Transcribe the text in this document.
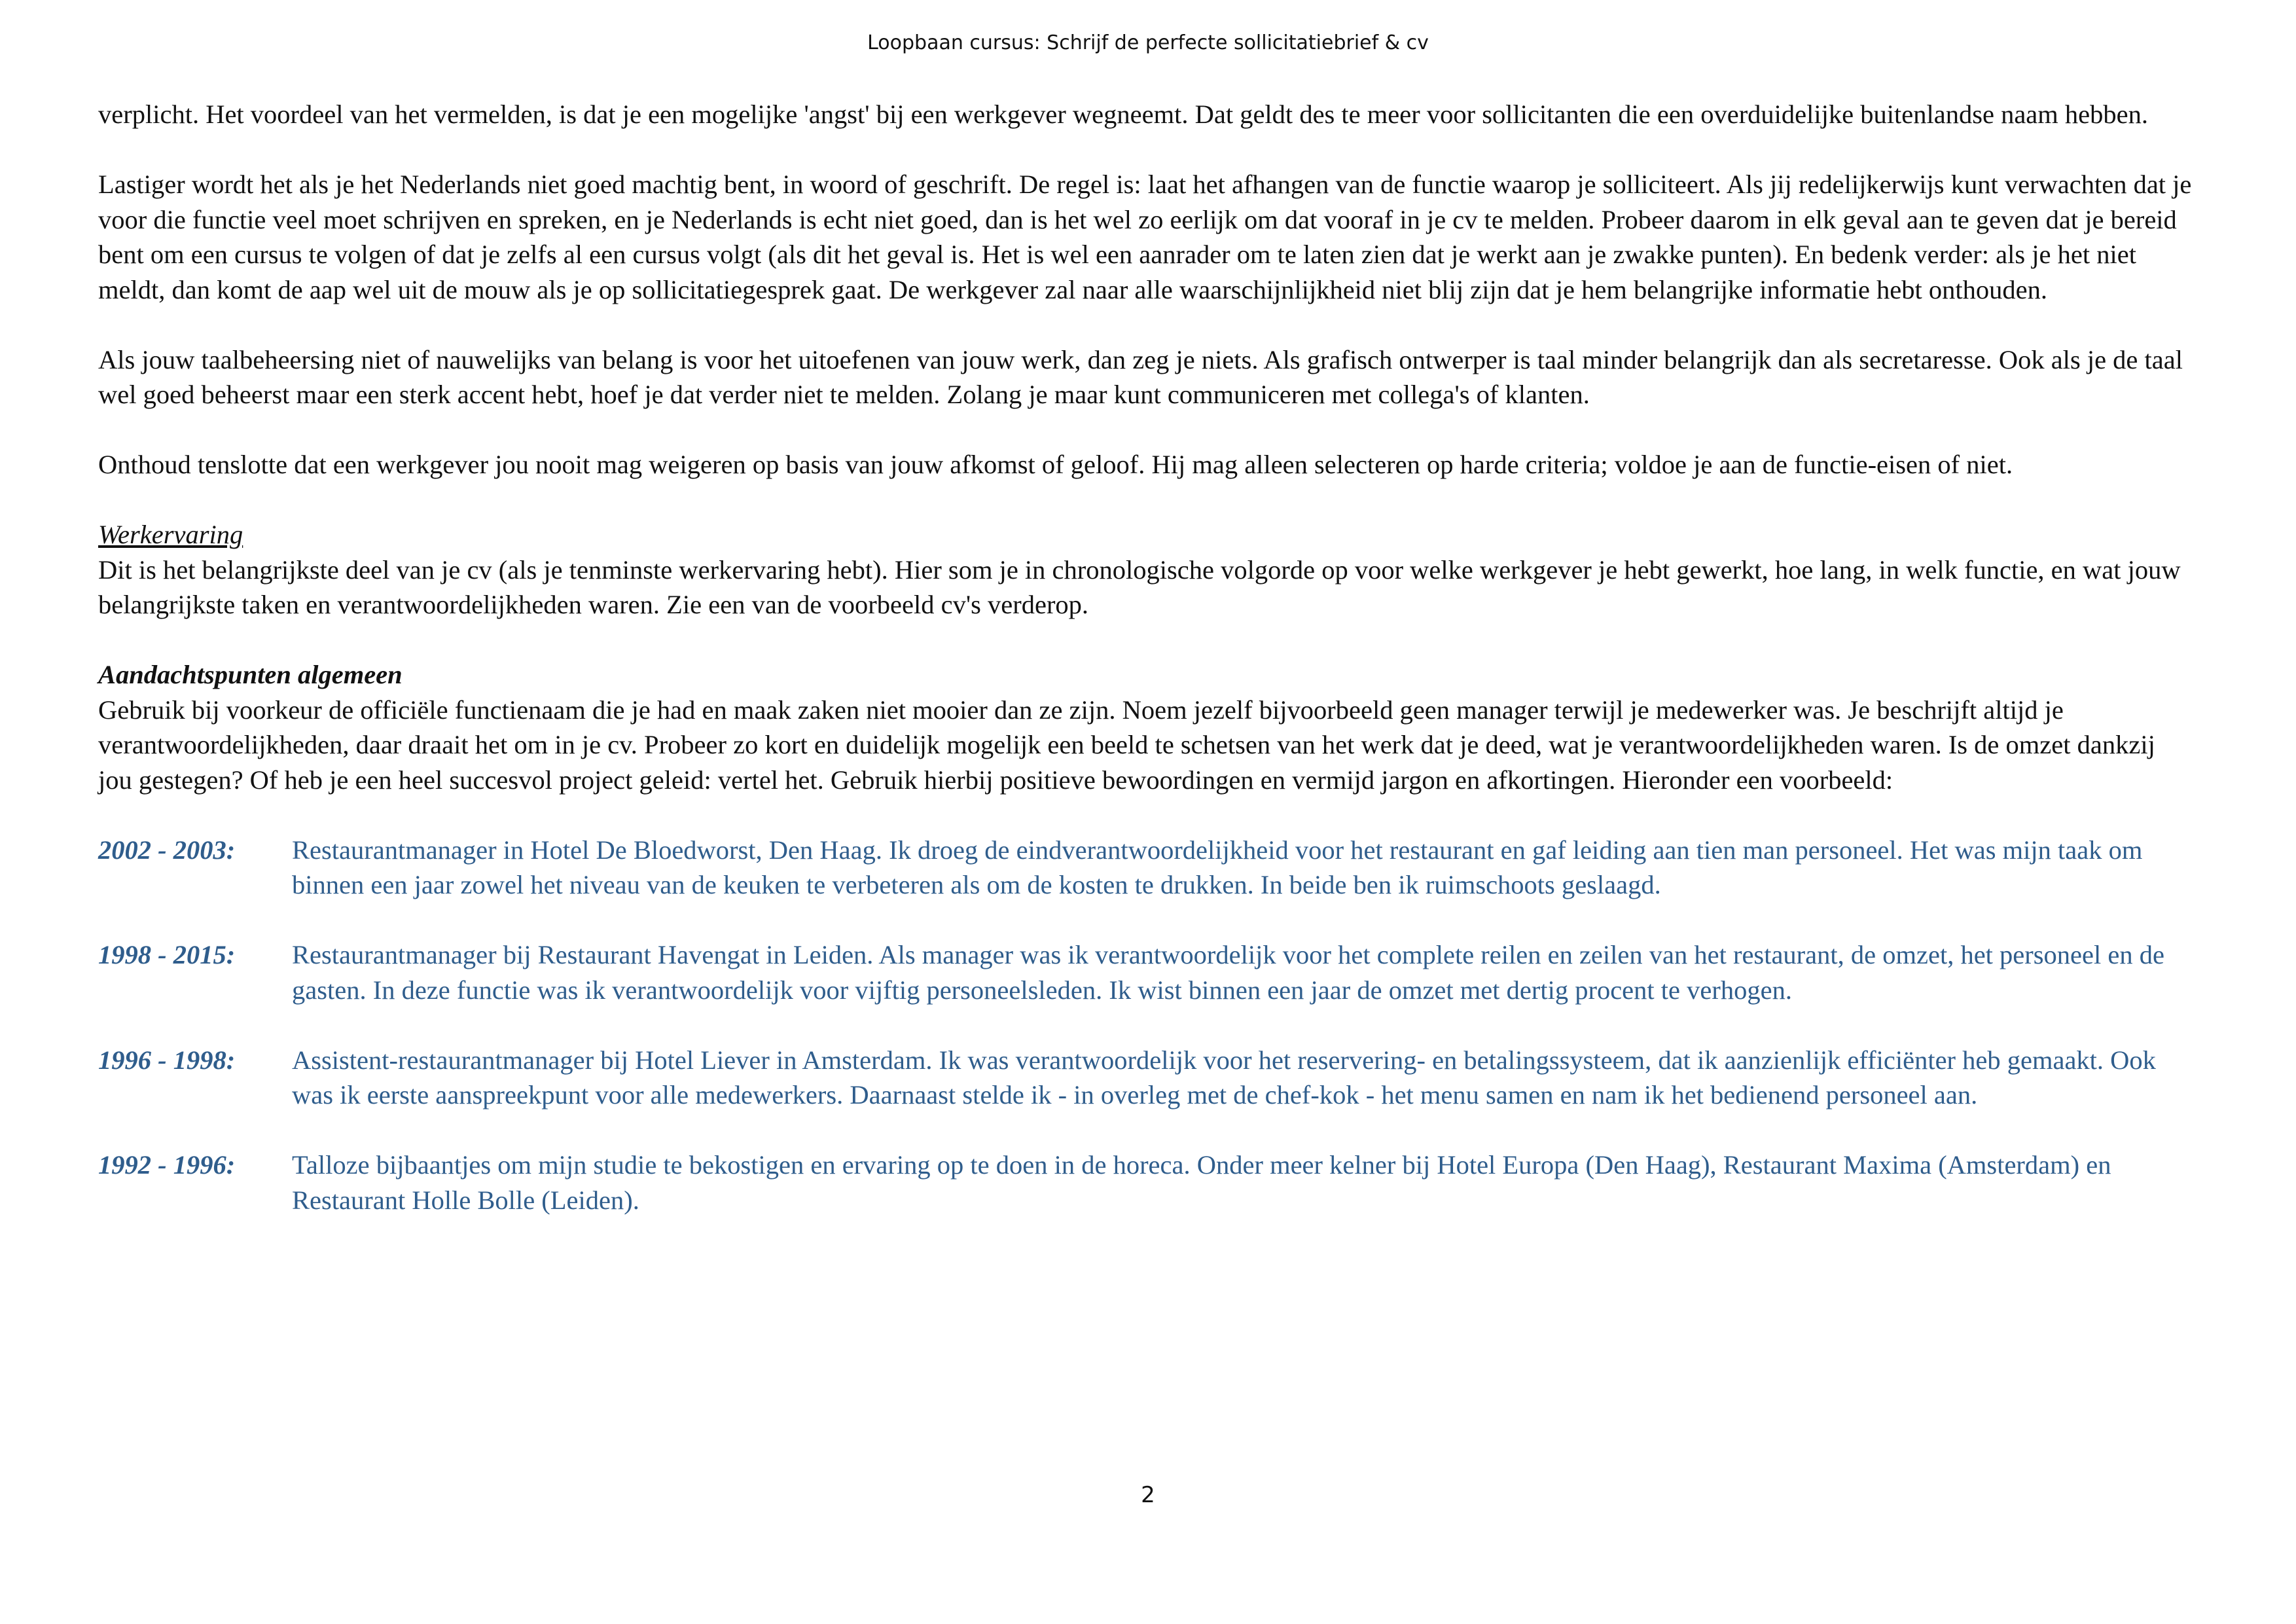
Loopbaan cursus: Schrijf de perfecte sollicitatiebrief & cv

verplicht. Het voordeel van het vermelden, is dat je een mogelijke 'angst' bij een werkgever wegneemt. Dat geldt des te meer voor sollicitanten die een overduidelijke buitenlandse naam hebben.

Lastiger wordt het als je het Nederlands niet goed machtig bent, in woord of geschrift. De regel is: laat het afhangen van de functie waarop je solliciteert. Als jij redelijkerwijs kunt verwachten dat je voor die functie veel moet schrijven en spreken, en je Nederlands is echt niet goed, dan is het wel zo eerlijk om dat vooraf in je cv te melden. Probeer daarom in elk geval aan te geven dat je bereid bent om een cursus te volgen of dat je zelfs al een cursus volgt (als dit het geval is. Het is wel een aanrader om te laten zien dat je werkt aan je zwakke punten). En bedenk verder: als je het niet meldt, dan komt de aap wel uit de mouw als je op sollicitatiegesprek gaat. De werkgever zal naar alle waarschijnlijkheid niet blij zijn dat je hem belangrijke informatie hebt onthouden.

Als jouw taalbeheersing niet of nauwelijks van belang is voor het uitoefenen van jouw werk, dan zeg je niets. Als grafisch ontwerper is taal minder belangrijk dan als secretaresse. Ook als je de taal wel goed beheerst maar een sterk accent hebt, hoef je dat verder niet te melden. Zolang je maar kunt communiceren met collega's of klanten.

Onthoud tenslotte dat een werkgever jou nooit mag weigeren op basis van jouw afkomst of geloof. Hij mag alleen selecteren op harde criteria; voldoe je aan de functie-eisen of niet.

Werkervaring

Dit is het belangrijkste deel van je cv (als je tenminste werkervaring hebt). Hier som je in chronologische volgorde op voor welke werkgever je hebt gewerkt, hoe lang, in welk functie, en wat jouw belangrijkste taken en verantwoordelijkheden waren. Zie een van de voorbeeld cv's verderop.

Aandachtspunten algemeen

Gebruik bij voorkeur de officiële functienaam die je had en maak zaken niet mooier dan ze zijn. Noem jezelf bijvoorbeeld geen manager terwijl je medewerker was. Je beschrijft altijd je verantwoordelijkheden, daar draait het om in je cv. Probeer zo kort en duidelijk mogelijk een beeld te schetsen van het werk dat je deed, wat je verantwoordelijkheden waren. Is de omzet dankzij jou gestegen? Of heb je een heel succesvol project geleid: vertel het. Gebruik hierbij positieve bewoordingen en vermijd jargon en afkortingen. Hieronder een voorbeeld:

2002 - 2003:	Restaurantmanager in Hotel De Bloedworst, Den Haag. Ik droeg de eindverantwoordelijkheid voor het restaurant en gaf leiding aan tien man personeel. Het was mijn taak om binnen een jaar zowel het niveau van de keuken te verbeteren als om de kosten te drukken. In beide ben ik ruimschoots geslaagd.
1998 - 2015:	Restaurantmanager bij Restaurant Havengat in Leiden. Als manager was ik verantwoordelijk voor het complete reilen en zeilen van het restaurant, de omzet, het personeel en de gasten. In deze functie was ik verantwoordelijk voor vijftig personeelsleden. Ik wist binnen een jaar de omzet met dertig procent te verhogen.
1996 - 1998:	Assistent-restaurantmanager bij Hotel Liever in Amsterdam. Ik was verantwoordelijk voor het reservering- en betalingssysteem, dat ik aanzienlijk efficiënter heb gemaakt. Ook was ik eerste aanspreekpunt voor alle medewerkers. Daarnaast stelde ik - in overleg met de chef-kok - het menu samen en nam ik het bedienend personeel aan.
1992 - 1996:	Talloze bijbaantjes om mijn studie te bekostigen en ervaring op te doen in de horeca. Onder meer kelner bij Hotel Europa (Den Haag), Restaurant Maxima (Amsterdam) en Restaurant Holle Bolle (Leiden).
2
